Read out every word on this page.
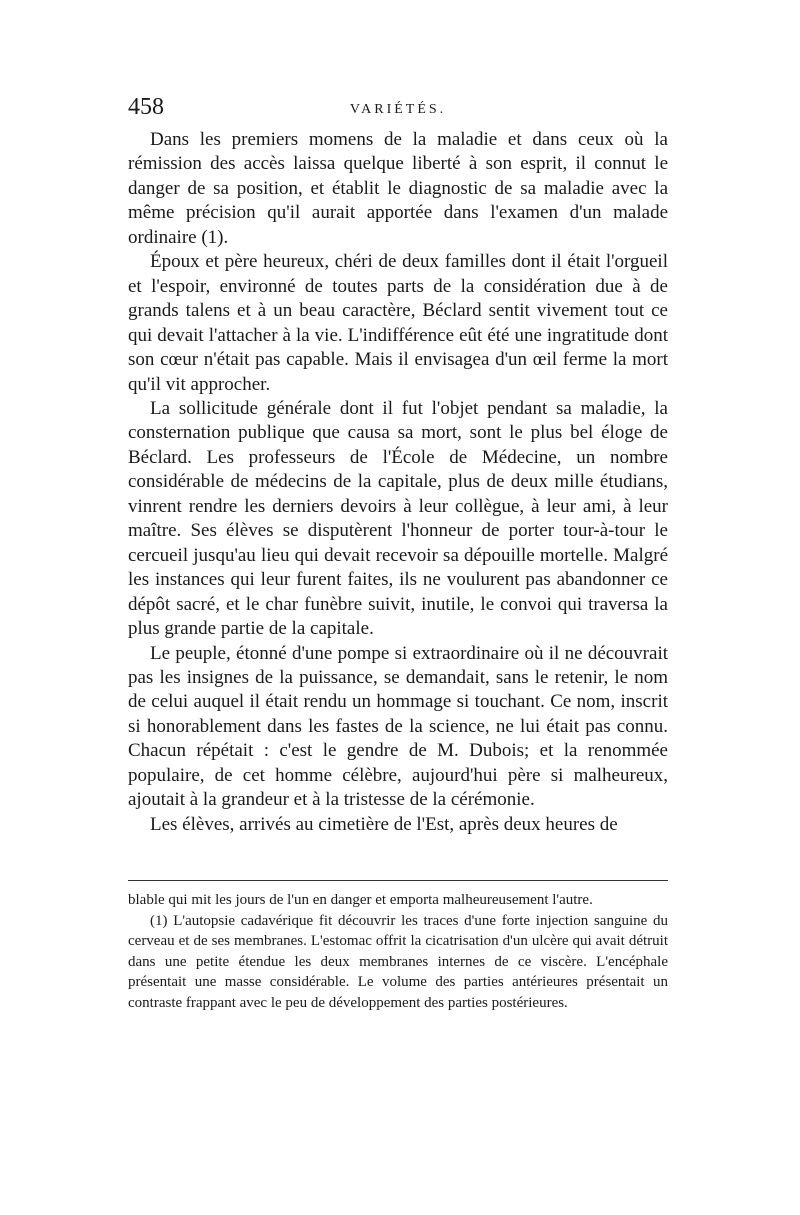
458	VARIÉTÉS.

Dans les premiers momens de la maladie et dans ceux où la rémission des accès laissa quelque liberté à son esprit, il connut le danger de sa position, et établit le diagnostic de sa maladie avec la même précision qu'il aurait apportée dans l'examen d'un malade ordinaire (1).

Époux et père heureux, chéri de deux familles dont il était l'orgueil et l'espoir, environné de toutes parts de la considération due à de grands talens et à un beau caractère, Béclard sentit vivement tout ce qui devait l'attacher à la vie. L'indifférence eût été une ingratitude dont son cœur n'était pas capable. Mais il envisagea d'un œil ferme la mort qu'il vit approcher.

La sollicitude générale dont il fut l'objet pendant sa maladie, la consternation publique que causa sa mort, sont le plus bel éloge de Béclard. Les professeurs de l'École de Médecine, un nombre considérable de médecins de la capitale, plus de deux mille étudians, vinrent rendre les derniers devoirs à leur collègue, à leur ami, à leur maître. Ses élèves se disputèrent l'honneur de porter tour-à-tour le cercueil jusqu'au lieu qui devait recevoir sa dépouille mortelle. Malgré les instances qui leur furent faites, ils ne voulurent pas abandonner ce dépôt sacré, et le char funèbre suivit, inutile, le convoi qui traversa la plus grande partie de la capitale.

Le peuple, étonné d'une pompe si extraordinaire où il ne découvrait pas les insignes de la puissance, se demandait, sans le retenir, le nom de celui auquel il était rendu un hommage si touchant. Ce nom, inscrit si honorablement dans les fastes de la science, ne lui était pas connu. Chacun répétait : c'est le gendre de M. Dubois; et la renommée populaire, de cet homme célèbre, aujourd'hui père si malheureux, ajoutait à la grandeur et à la tristesse de la cérémonie.

Les élèves, arrivés au cimetière de l'Est, après deux heures de

blable qui mit les jours de l'un en danger et emporta malheureusement l'autre.

(1) L'autopsie cadavérique fit découvrir les traces d'une forte injection sanguine du cerveau et de ses membranes. L'estomac offrit la cicatrisation d'un ulcère qui avait détruit dans une petite étendue les deux membranes internes de ce viscère. L'encéphale présentait une masse considérable. Le volume des parties antérieures présentait un contraste frappant avec le peu de développement des parties postérieures.
